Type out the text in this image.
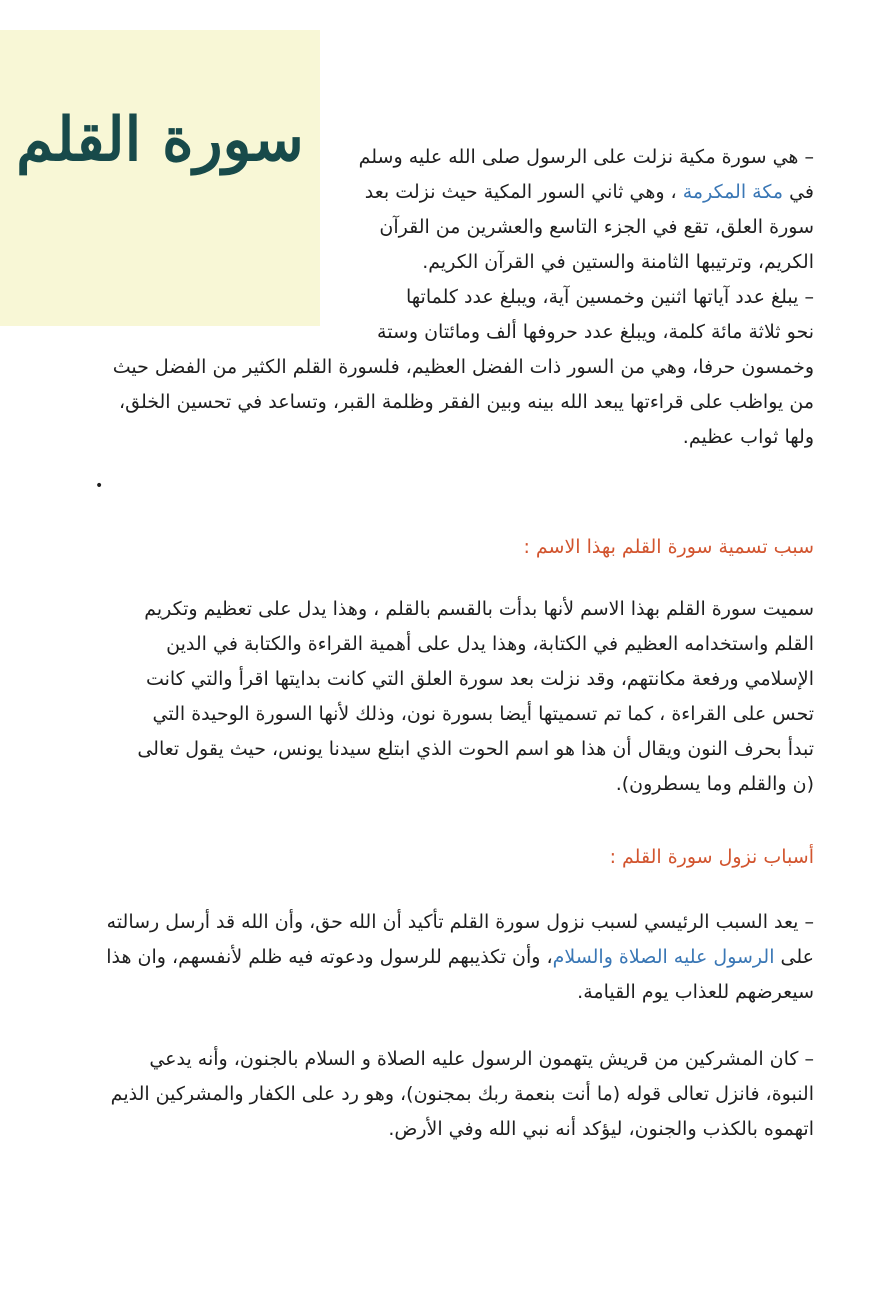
سورة القلم	– هي سورة مكية نزلت على الرسول صلى الله عليه وسلم
في مكة المكرمة ، وهي ثاني السور المكية حيث نزلت بعد
سورة العلق، تقع في الجزء التاسع والعشرين من القرآن
الكريم، وترتيبها الثامنة والستين في القرآن الكريم.
– يبلغ عدد آياتها اثنين وخمسين آية، ويبلغ عدد كلماتها
نحو ثلاثة مائة كلمة، ويبلغ عدد حروفها ألف ومائتان وستة
وخمسون حرفا، وهي من السور ذات الفضل العظيم، فلسورة القلم الكثير من الفضل حيث
من يواظب على قراءتها يبعد الله بينه وبين الفقر وظلمة القبر، وتساعد في تحسين الخلق،
ولها ثواب عظيم.
•
سبب تسمية سورة القلم بهذا الاسم :
سميت سورة القلم بهذا الاسم لأنها بدأت بالقسم بالقلم ، وهذا يدل على تعظيم وتكريم
القلم واستخدامه العظيم في الكتابة، وهذا يدل على أهمية القراءة والكتابة في الدين
الإسلامي ورفعة مكانتهم، وقد نزلت بعد سورة العلق التي كانت بدايتها اقرأ والتي كانت
تحس على القراءة ، كما تم تسميتها أيضا بسورة نون، وذلك لأنها السورة الوحيدة التي
تبدأ بحرف النون ويقال أن هذا هو اسم الحوت الذي ابتلع سيدنا يونس، حيث يقول تعالى
(ن والقلم وما يسطرون).
أسباب نزول سورة القلم :
– يعد السبب الرئيسي لسبب نزول سورة القلم تأكيد أن الله حق، وأن الله قد أرسل رسالته
على الرسول عليه الصلاة والسلام، وأن تكذيبهم للرسول ودعوته فيه ظلم لأنفسهم، وان هذا
سيعرضهم للعذاب يوم القيامة.
– كان المشركين من قريش يتهمون الرسول عليه الصلاة و السلام بالجنون، وأنه يدعي
النبوة، فانزل تعالى قوله (ما أنت بنعمة ربك بمجنون)، وهو رد على الكفار والمشركين الذيم
اتهموه بالكذب والجنون، ليؤكد أنه نبي الله وفي الأرض.
